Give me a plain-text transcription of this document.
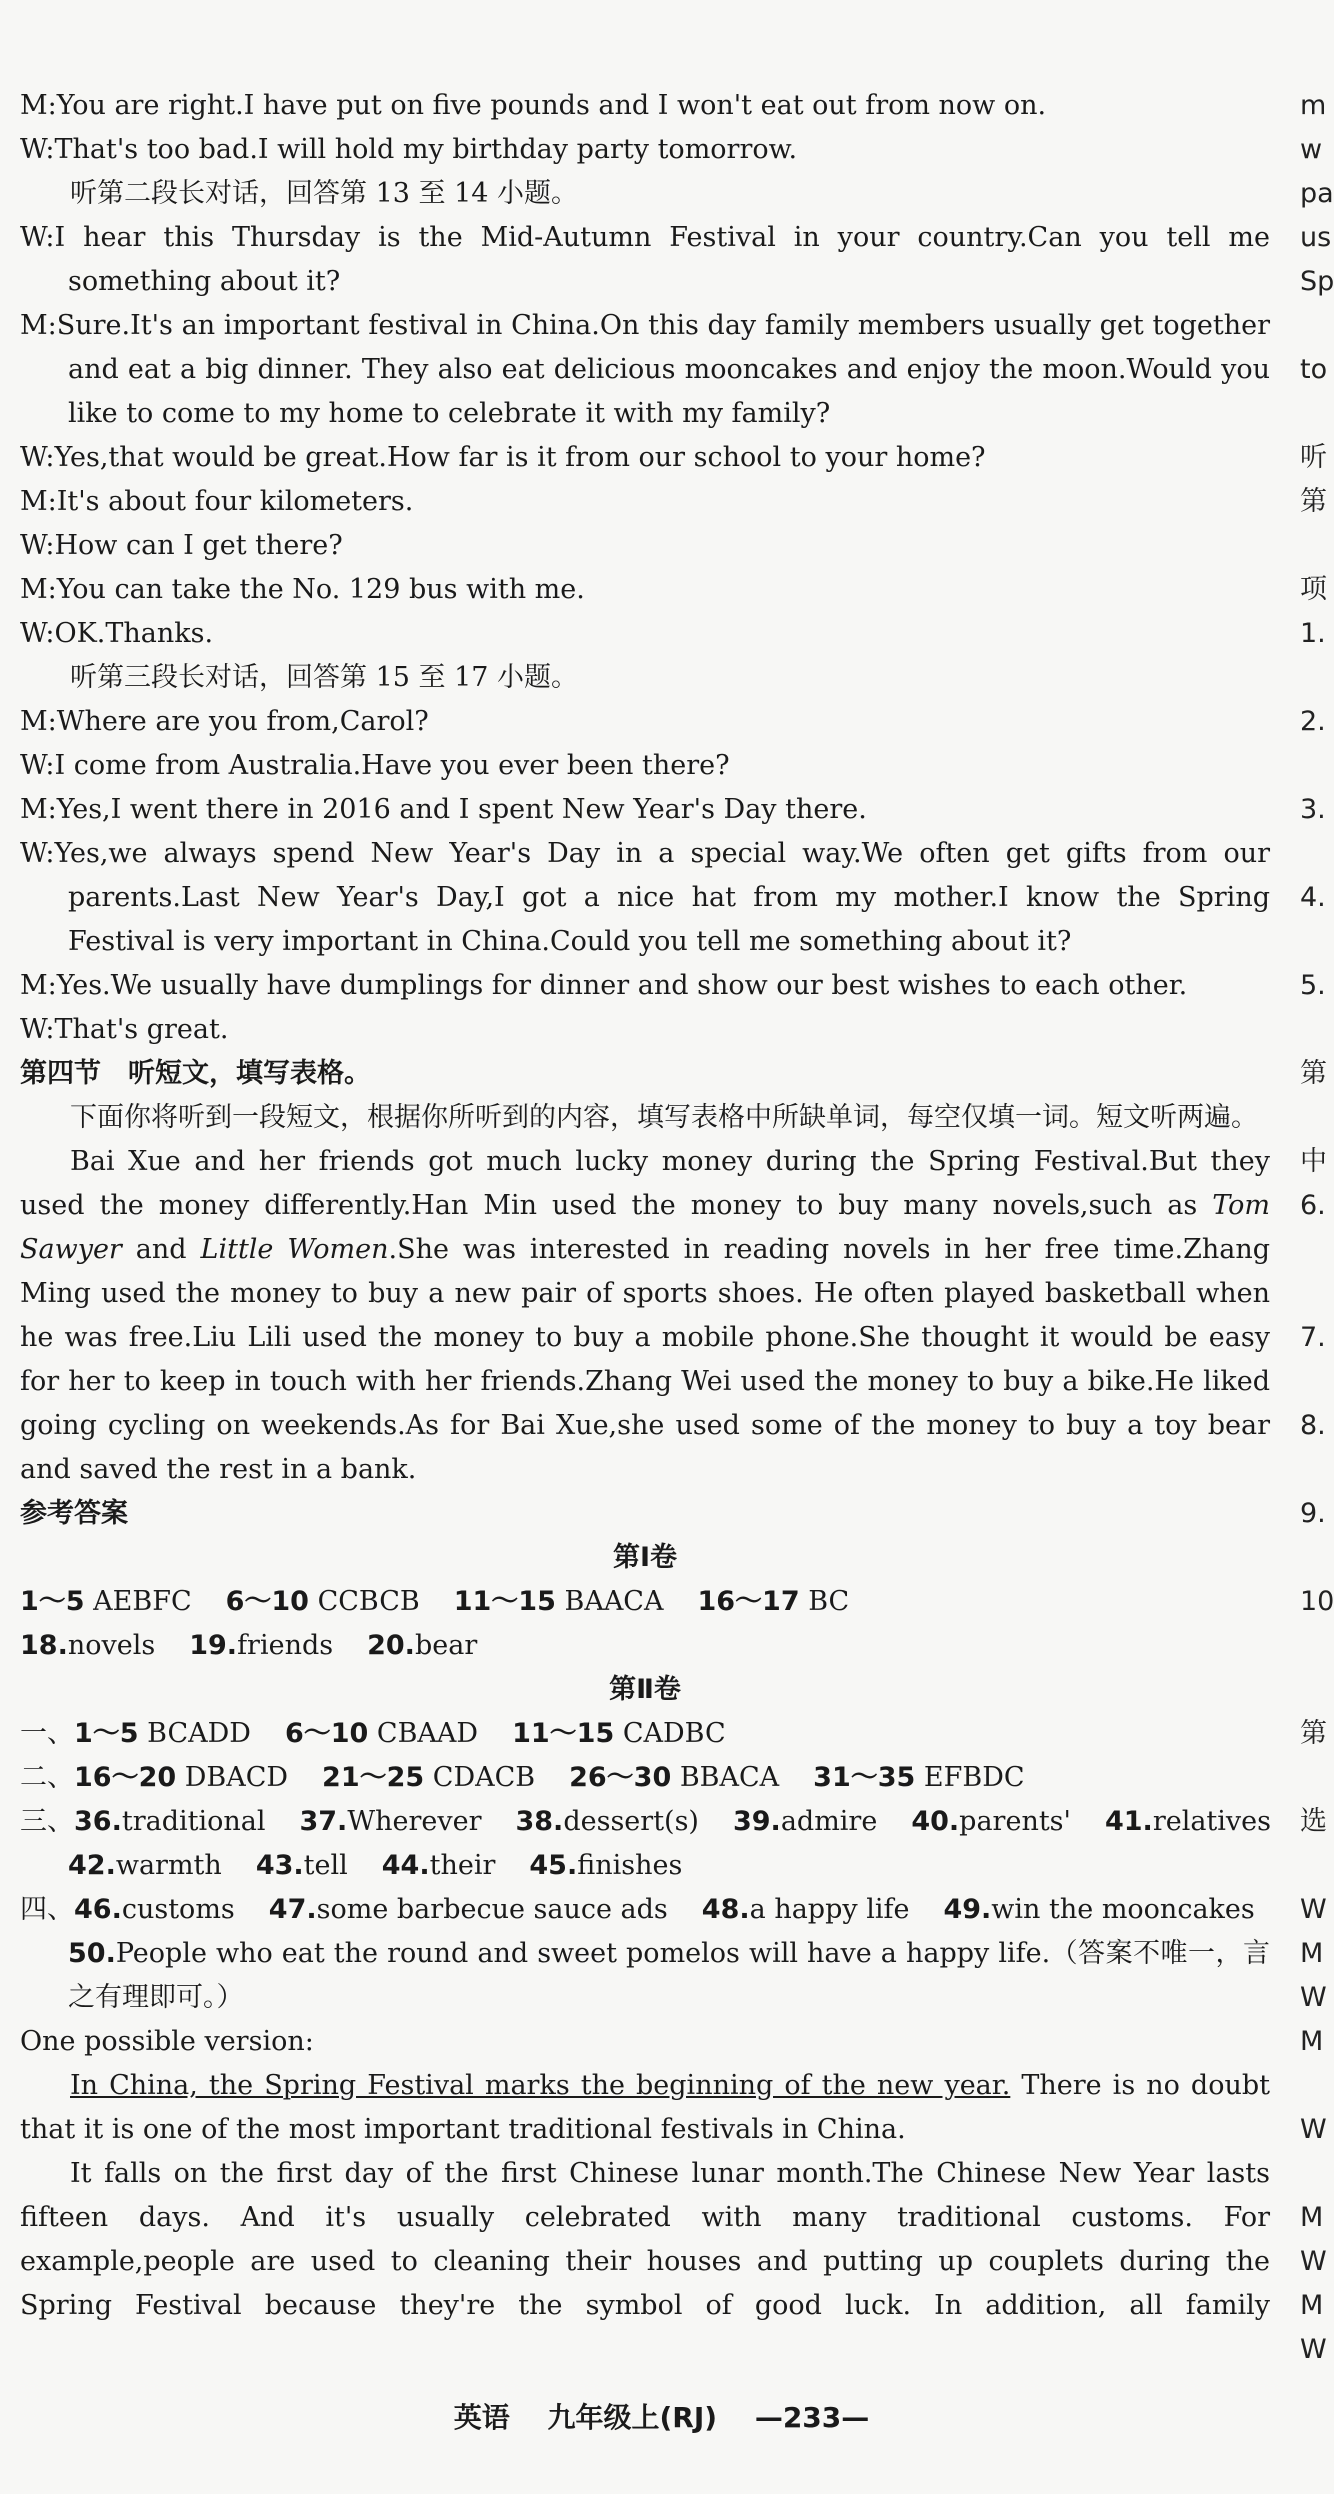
M:You are right.I have put on five pounds and I won't eat out from now on.
W:That's too bad.I will hold my birthday party tomorrow.
听第二段长对话，回答第 13 至 14 小题。
W:I hear this Thursday is the Mid-Autumn Festival in your country.Can you tell me something about it?
M:Sure.It's an important festival in China.On this day family members usually get together and eat a big dinner. They also eat delicious mooncakes and enjoy the moon.Would you like to come to my home to celebrate it with my family?
W:Yes,that would be great.How far is it from our school to your home?
M:It's about four kilometers.
W:How can I get there?
M:You can take the No. 129 bus with me.
W:OK.Thanks.
听第三段长对话，回答第 15 至 17 小题。
M:Where are you from,Carol?
W:I come from Australia.Have you ever been there?
M:Yes,I went there in 2016 and I spent New Year's Day there.
W:Yes,we always spend New Year's Day in a special way.We often get gifts from our parents.Last New Year's Day,I got a nice hat from my mother.I know the Spring Festival is very important in China.Could you tell me something about it?
M:Yes.We usually have dumplings for dinner and show our best wishes to each other.
W:That's great.
第四节　听短文，填写表格。
下面你将听到一段短文，根据你所听到的内容，填写表格中所缺单词，每空仅填一词。短文听两遍。
Bai Xue and her friends got much lucky money during the Spring Festival.But they used the money differently.Han Min used the money to buy many novels,such as Tom Sawyer and Little Women.She was interested in reading novels in her free time.Zhang Ming used the money to buy a new pair of sports shoes. He often played basketball when he was free.Liu Lili used the money to buy a mobile phone.She thought it would be easy for her to keep in touch with her friends.Zhang Wei used the money to buy a bike.He liked going cycling on weekends.As for Bai Xue,she used some of the money to buy a toy bear and saved the rest in a bank.
参考答案
第Ⅰ卷
1～5 AEBFC 6～10 CCBCB 11～15 BAACA 16～17 BC
18.novels 19.friends 20.bear
第Ⅱ卷
一、1～5 BCADD 6～10 CBAAD 11～15 CADBC
二、16～20 DBACD 21～25 CDACB 26～30 BBACA 31～35 EFBDC
三、36.traditional 37.Wherever 38.dessert(s) 39.admire 40.parents' 41.relatives
42.warmth 43.tell 44.their 45.finishes
四、46.customs 47.some barbecue sauce ads 48.a happy life 49.win the mooncakes
50.People who eat the round and sweet pomelos will have a happy life.（答案不唯一，言之有理即可。）
One possible version:
In China, the Spring Festival marks the beginning of the new year. There is no doubt that it is one of the most important traditional festivals in China.
It falls on the first day of the first Chinese lunar month.The Chinese New Year lasts fifteen days. And it's usually celebrated with many traditional customs. For example,people are used to cleaning their houses and putting up couplets during the Spring Festival because they're the symbol of good luck. In addition, all family
m
w
pa
us
Sp
to
听
第
项
1.
2.
3.
4.
5.
第
中
6.
7.
8.
9.
10
第
选
W
M
W
M
W
M
W
M
W
英语 九年级上(RJ) —233—
